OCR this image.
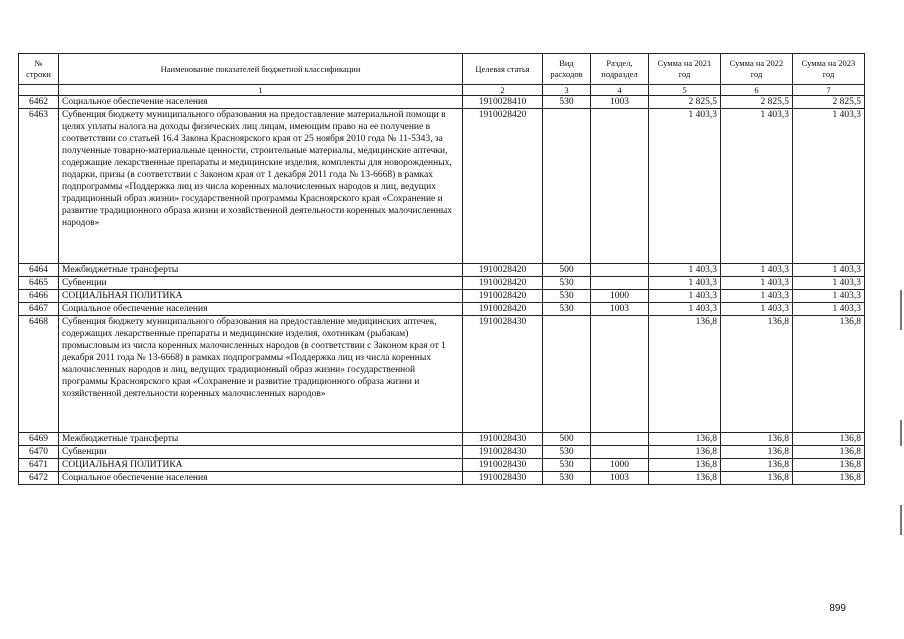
№ строки	Наименование показателей бюджетной классификации	Целевая статья	Вид расходов	Раздел, подраздел	Сумма на 2021 год	Сумма на 2022 год	Сумма на 2023 год
	1	2	3	4	5	6	7
6462	Социальное обеспечение населения	1910028410	530	1003	2 825,5	2 825,5	2 825,5
6463	Субвенция бюджету муниципального образования на предоставление материальной помощи в целях уплаты налога на доходы физических лиц лицам, имеющим право на ее получение в соответствии со статьей 16.4 Закона Красноярского края от 25 ноября 2010 года № 11-5343, за полученные товарно-материальные ценности, строительные материалы, медицинские аптечки, содержащие лекарственные препараты и медицинские изделия, комплекты для новорожденных, подарки, призы (в соответствии с Законом края от 1 декабря 2011 года № 13-6668) в рамках подпрограммы «Поддержка лиц из числа коренных малочисленных народов и лиц, ведущих традиционный образ жизни» государственной программы Красноярского края «Сохранение и развитие традиционного образа жизни и хозяйственной деятельности коренных малочисленных народов»	1910028420			1 403,3	1 403,3	1 403,3
6464	Межбюджетные трансферты	1910028420	500		1 403,3	1 403,3	1 403,3
6465	Субвенции	1910028420	530		1 403,3	1 403,3	1 403,3
6466	СОЦИАЛЬНАЯ ПОЛИТИКА	1910028420	530	1000	1 403,3	1 403,3	1 403,3
6467	Социальное обеспечение населения	1910028420	530	1003	1 403,3	1 403,3	1 403,3
6468	Субвенция бюджету муниципального образования на предоставление медицинских аптечек, содержащих лекарственные препараты и медицинские изделия, охотникам (рыбакам) промысловым из числа коренных малочисленных народов (в соответствии с Законом края от 1 декабря 2011 года № 13-6668) в рамках подпрограммы «Поддержка лиц из числа коренных малочисленных народов и лиц, ведущих традиционный образ жизни» государственной программы Красноярского края «Сохранение и развитие традиционного образа жизни и хозяйственной деятельности коренных малочисленных народов»	1910028430			136,8	136,8	136,8
6469	Межбюджетные трансферты	1910028430	500		136,8	136,8	136,8
6470	Субвенции	1910028430	530		136,8	136,8	136,8
6471	СОЦИАЛЬНАЯ ПОЛИТИКА	1910028430	530	1000	136,8	136,8	136,8
6472	Социальное обеспечение населения	1910028430	530	1003	136,8	136,8	136,8
899
